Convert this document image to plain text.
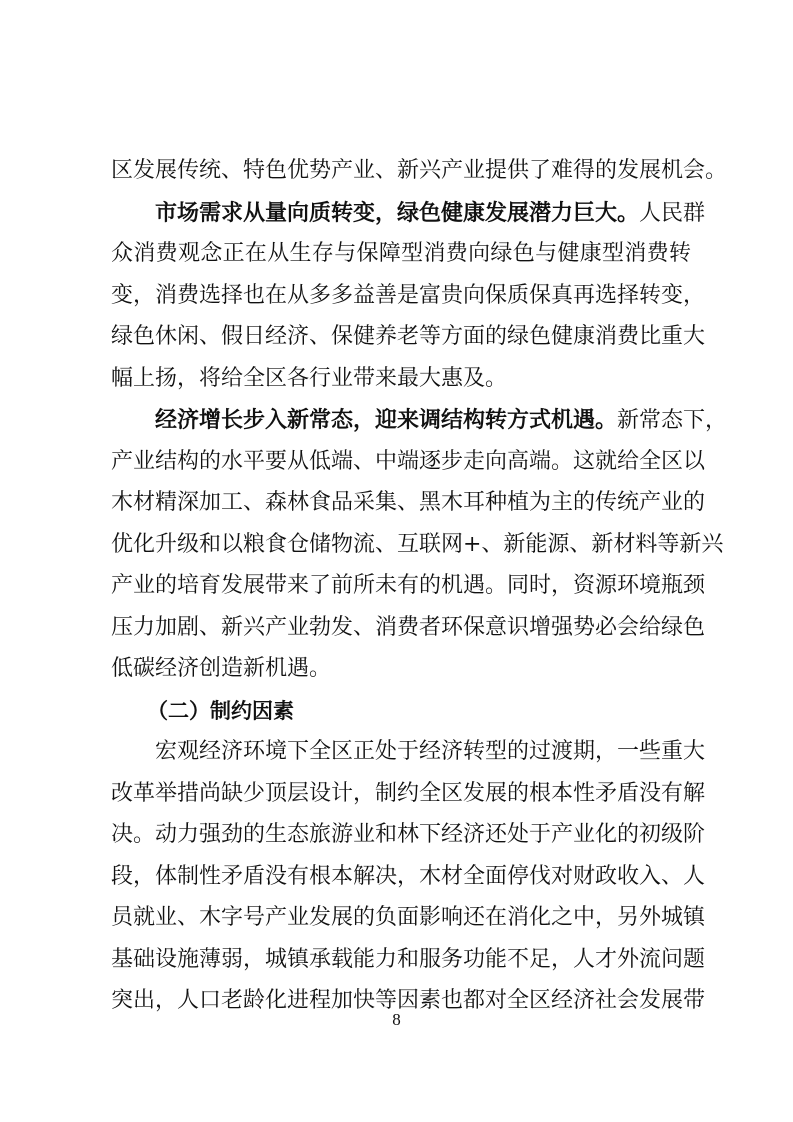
区发展传统、特色优势产业、新兴产业提供了难得的发展机会。
市场需求从量向质转变，绿色健康发展潜力巨大。人民群
众消费观念正在从生存与保障型消费向绿色与健康型消费转
变，消费选择也在从多多益善是富贵向保质保真再选择转变，
绿色休闲、假日经济、保健养老等方面的绿色健康消费比重大
幅上扬，将给全区各行业带来最大惠及。
经济增长步入新常态，迎来调结构转方式机遇。新常态下，
产业结构的水平要从低端、中端逐步走向高端。这就给全区以
木材精深加工、森林食品采集、黑木耳种植为主的传统产业的
优化升级和以粮食仓储物流、互联网+、新能源、新材料等新兴
产业的培育发展带来了前所未有的机遇。同时，资源环境瓶颈
压力加剧、新兴产业勃发、消费者环保意识增强势必会给绿色
（二）制约因素
宏观经济环境下全区正处于经济转型的过渡期，一些重大
改革举措尚缺少顶层设计，制约全区发展的根本性矛盾没有解
决。动力强劲的生态旅游业和林下经济还处于产业化的初级阶
段，体制性矛盾没有根本解决，木材全面停伐对财政收入、人
员就业、木字号产业发展的负面影响还在消化之中，另外城镇
基础设施薄弱，城镇承载能力和服务功能不足，人才外流问题
8
低碳经济创造新机遇。
突出，人口老龄化进程加快等因素也都对全区经济社会发展带
